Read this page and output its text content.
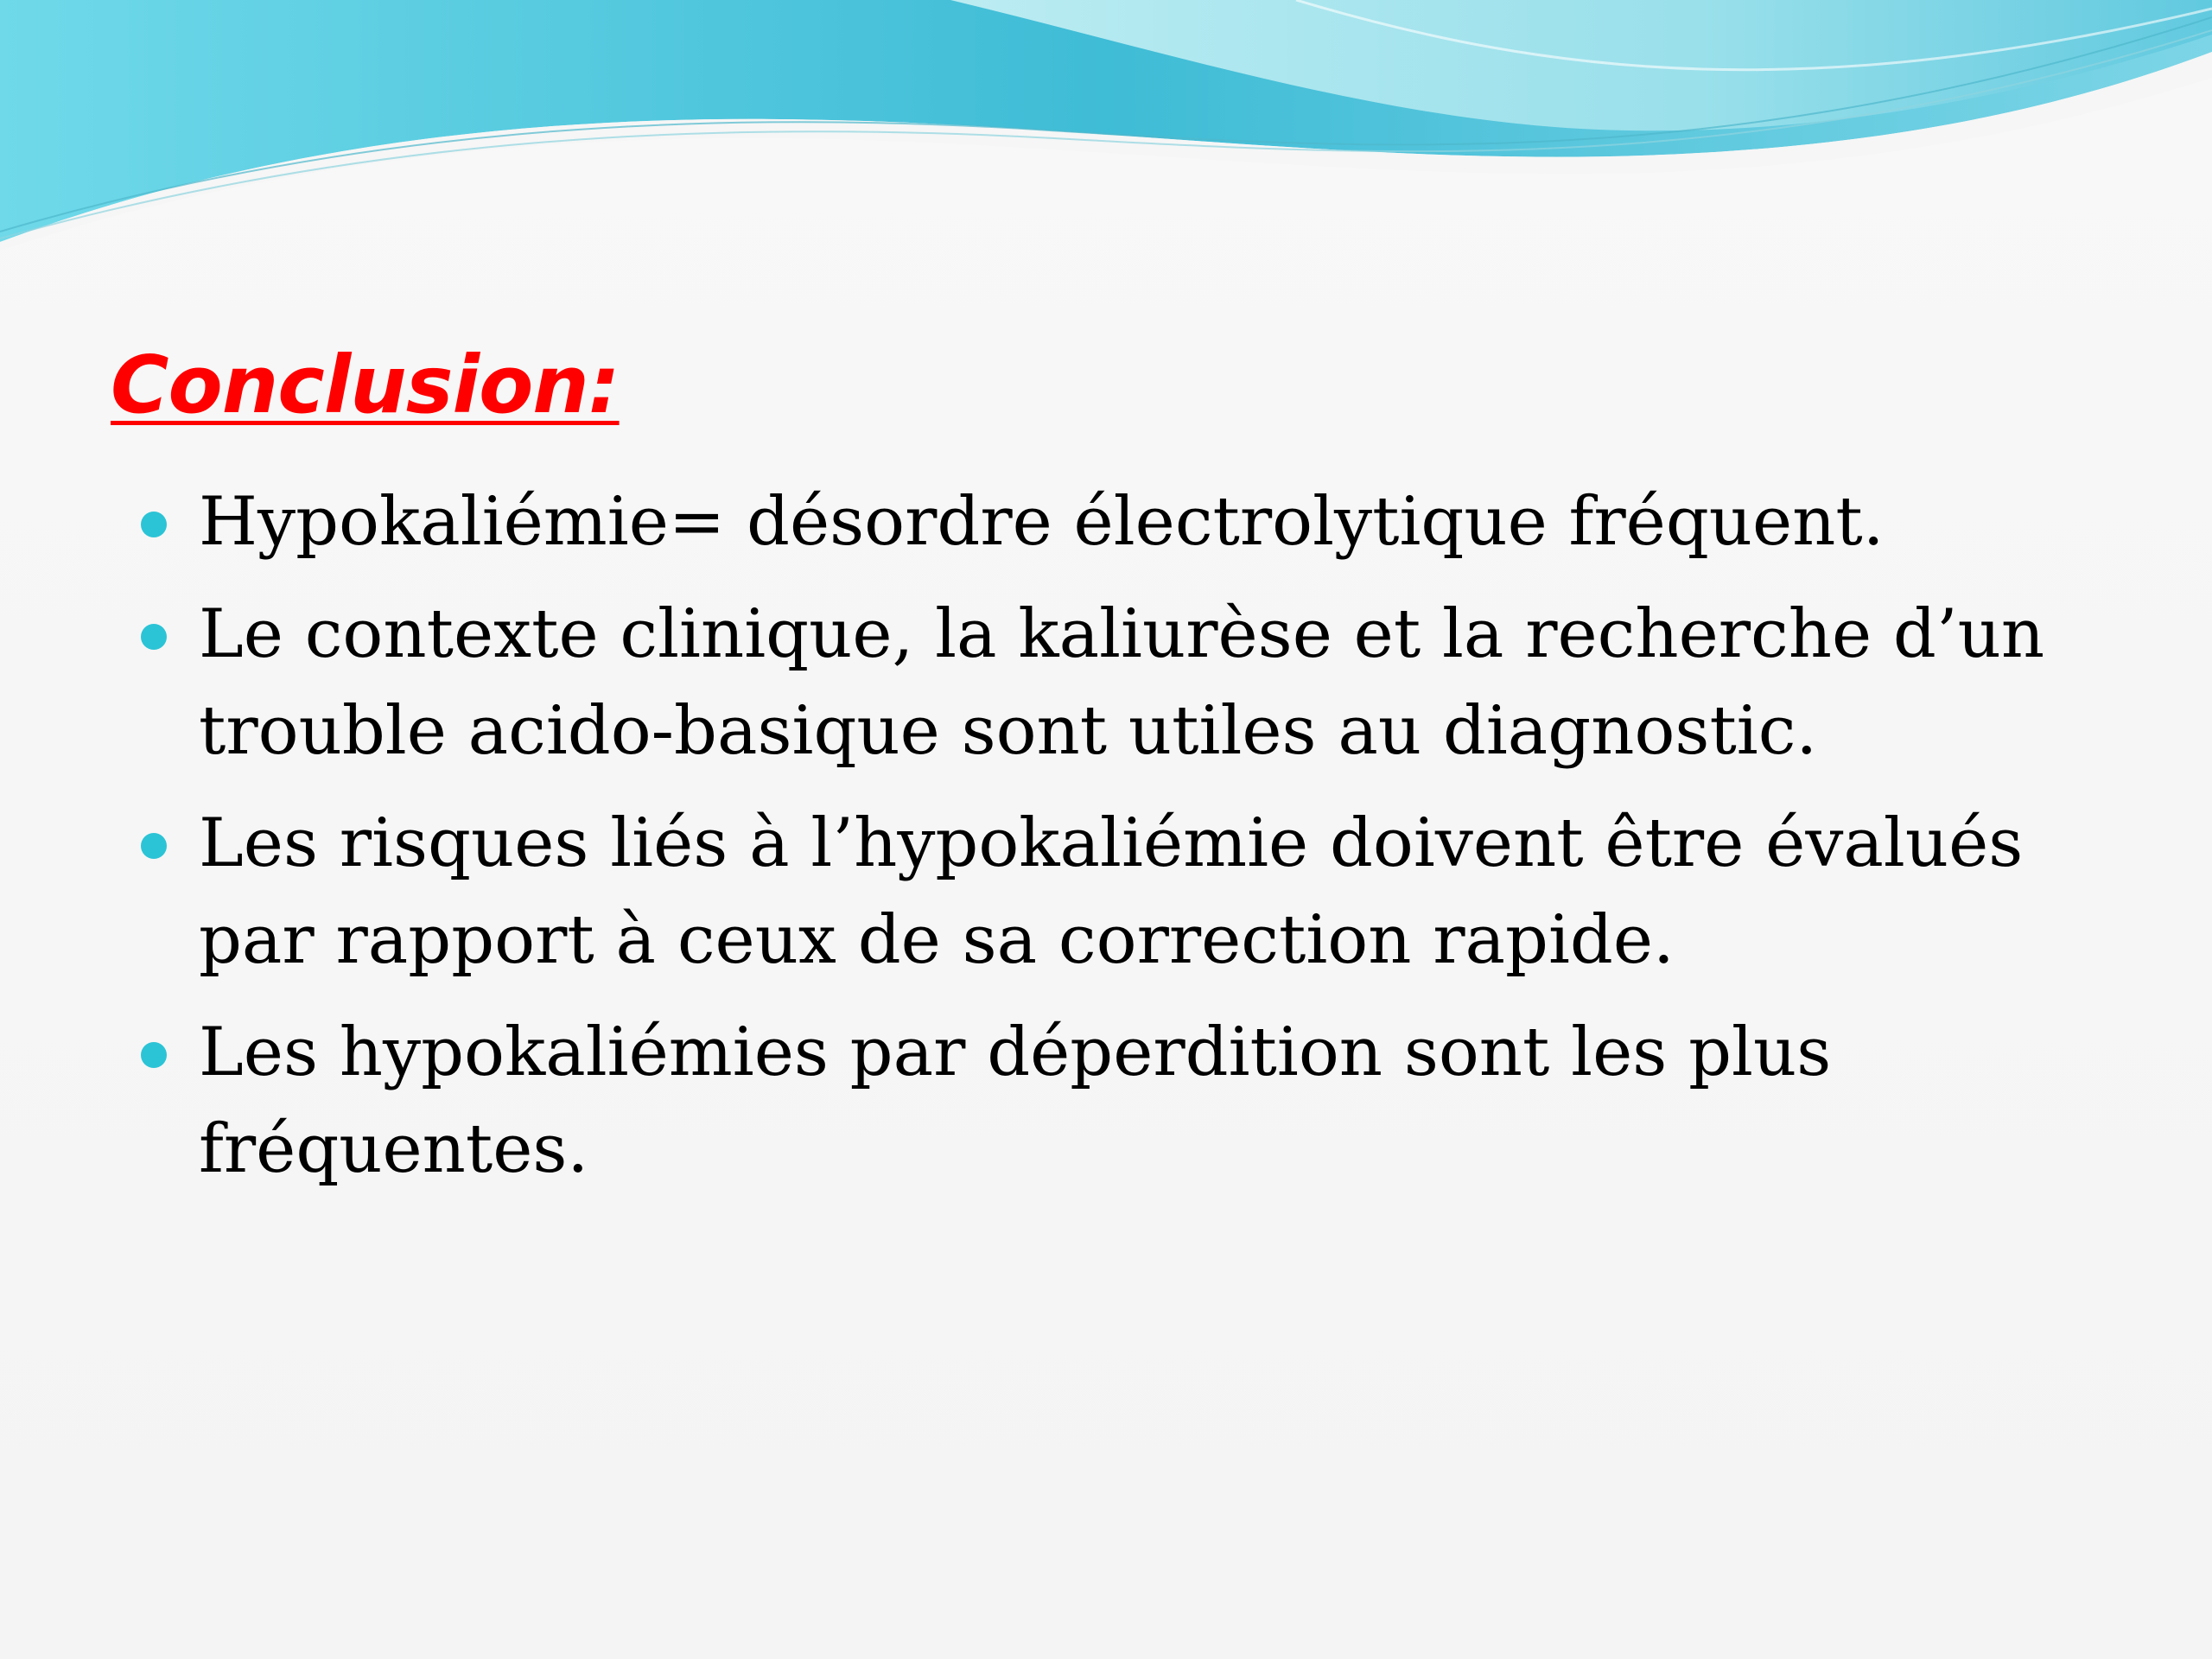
Conclusion:
Hypokaliémie= désordre électrolytique fréquent.
Le contexte clinique, la kaliurèse et la recherche d’un trouble acido-basique sont utiles au diagnostic.
Les risques liés à l’hypokaliémie doivent être évalués par rapport à ceux de sa correction rapide.
Les hypokaliémies par déperdition sont les plus fréquentes.
